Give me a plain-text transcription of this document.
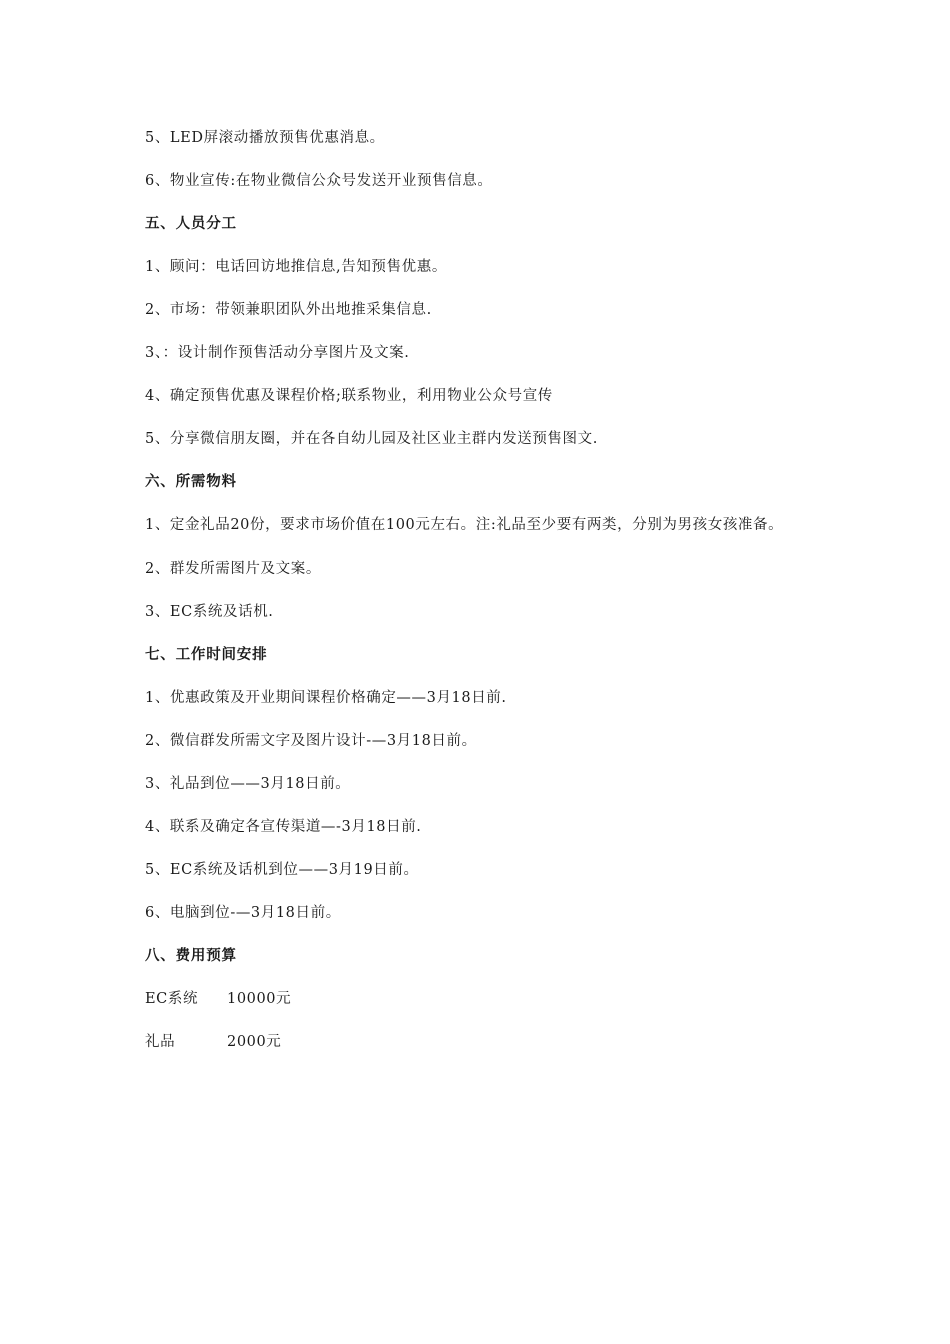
5、LED屏滚动播放预售优惠消息。

6、物业宣传:在物业微信公众号发送开业预售信息。

五、人员分工

1、顾问：电话回访地推信息,告知预售优惠。

2、市场：带领兼职团队外出地推采集信息.

3、：设计制作预售活动分享图片及文案.

4、确定预售优惠及课程价格;联系物业，利用物业公众号宣传

5、分享微信朋友圈，并在各自幼儿园及社区业主群内发送预售图文.

六、所需物料

1、定金礼品20份，要求市场价值在100元左右。注:礼品至少要有两类，分别为男孩女孩准备。

2、群发所需图片及文案。

3、EC系统及话机.

七、工作时间安排

1、优惠政策及开业期间课程价格确定——3月18日前.

2、微信群发所需文字及图片设计-—3月18日前。

3、礼品到位——3月18日前。

4、联系及确定各宣传渠道—-3月18日前.

5、EC系统及话机到位——3月19日前。

6、电脑到位-—3月18日前。

八、费用预算

EC系统	10000元
礼品	2000元
